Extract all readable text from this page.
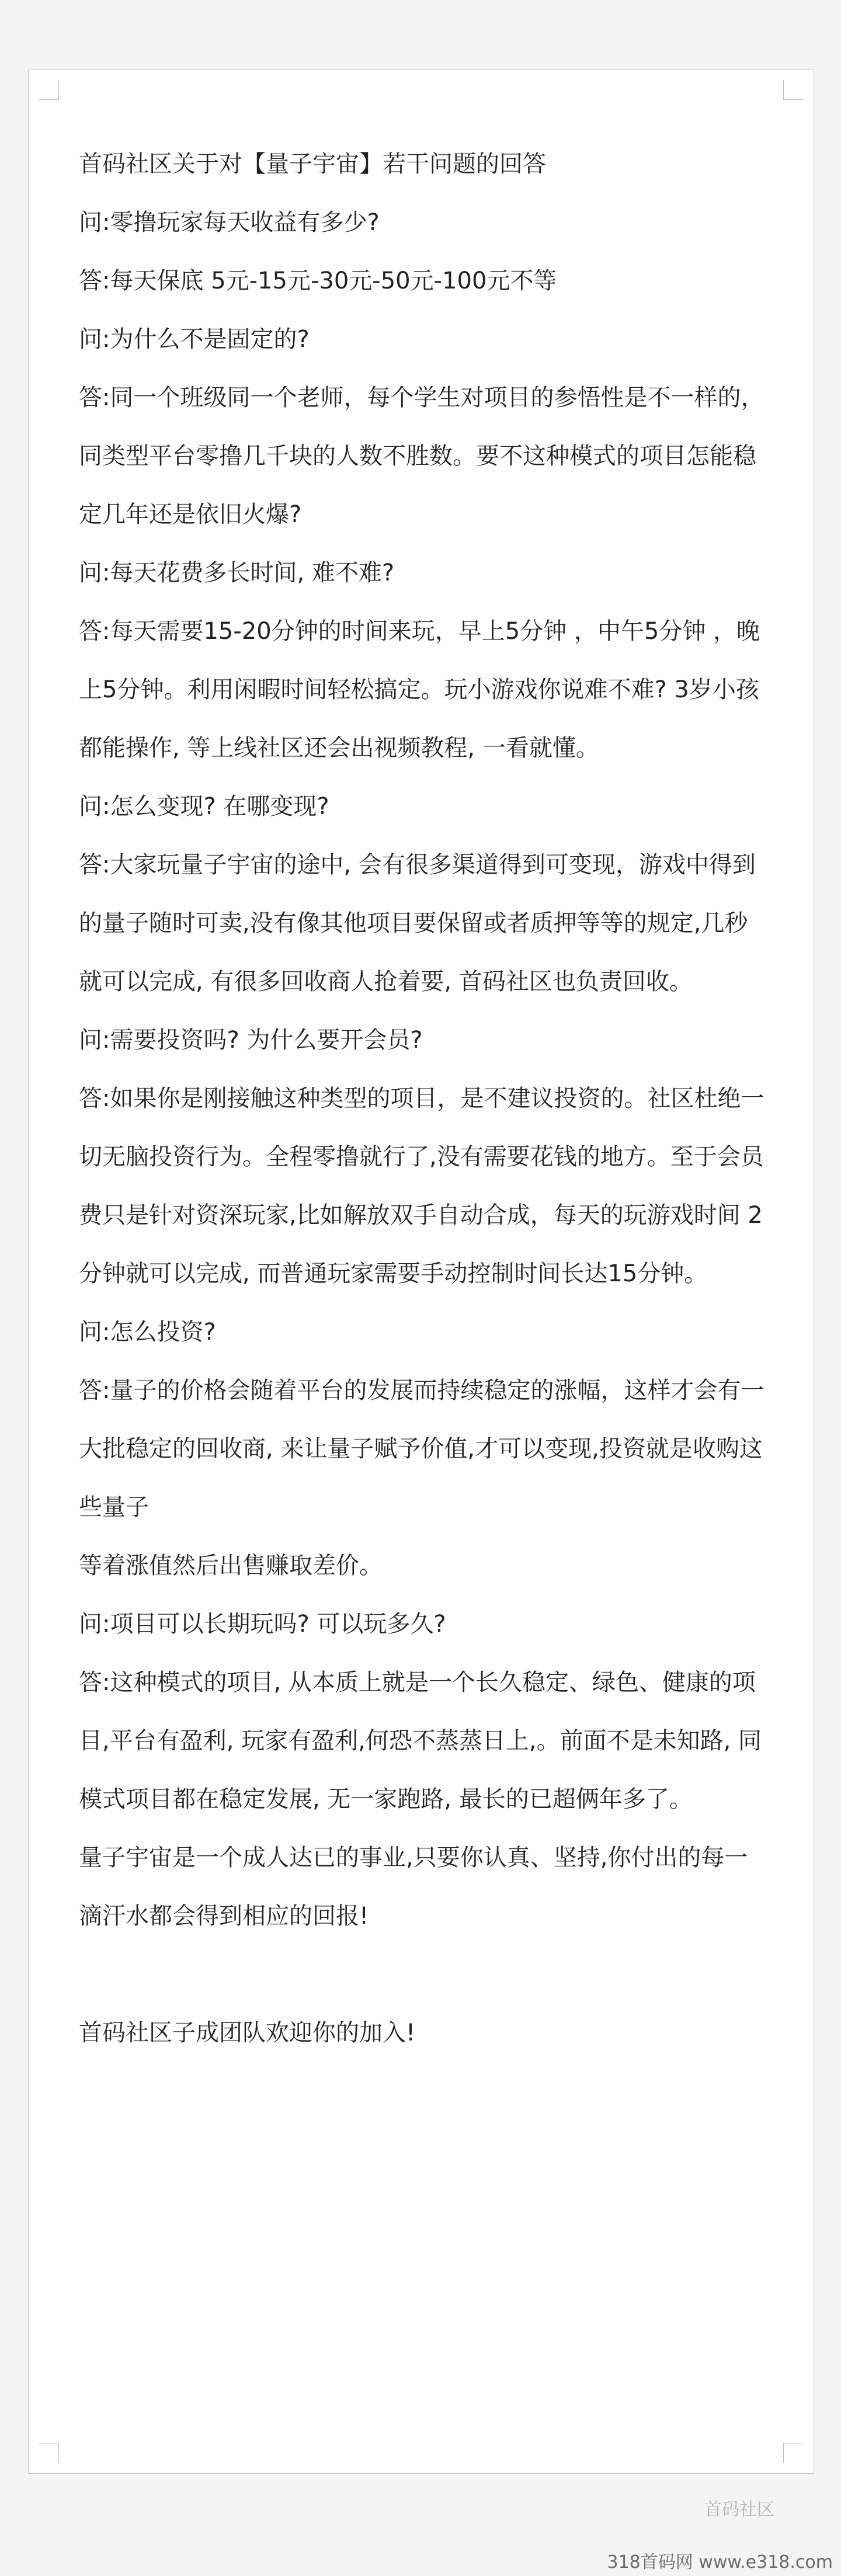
首码社区关于对【量子宇宙】若干问题的回答

问:零撸玩家每天收益有多少?

答:每天保底 5元-15元-30元-50元-100元不等

问:为什么不是固定的?

答:同一个班级同一个老师，每个学生对项目的参悟性是不一样的，同类型平台零撸几千块的人数不胜数。要不这种模式的项目怎能稳定几年还是依旧火爆?

问:每天花费多长时间, 难不难?

答:每天需要15-20分钟的时间来玩，早上5分钟 ，中午5分钟 ，晚上5分钟。利用闲暇时间轻松搞定。玩小游戏你说难不难? 3岁小孩都能操作, 等上线社区还会出视频教程, 一看就懂。

问:怎么变现? 在哪变现?

答:大家玩量子宇宙的途中, 会有很多渠道得到可变现，游戏中得到的量子随时可卖,没有像其他项目要保留或者质押等等的规定,几秒就可以完成, 有很多回收商人抢着要, 首码社区也负责回收。

问:需要投资吗? 为什么要开会员?

答:如果你是刚接触这种类型的项目，是不建议投资的。社区杜绝一切无脑投资行为。全程零撸就行了,没有需要花钱的地方。至于会员费只是针对资深玩家,比如解放双手自动合成，每天的玩游戏时间 2分钟就可以完成, 而普通玩家需要手动控制时间长达15分钟。

问:怎么投资?

答:量子的价格会随着平台的发展而持续稳定的涨幅，这样才会有一大批稳定的回收商, 来让量子赋予价值,才可以变现,投资就是收购这些量子

等着涨值然后出售赚取差价。

问:项目可以长期玩吗? 可以玩多久?

答:这种模式的项目, 从本质上就是一个长久稳定、绿色、健康的项目,平台有盈利, 玩家有盈利,何恐不蒸蒸日上,。前面不是未知路, 同模式项目都在稳定发展, 无一家跑路, 最长的已超俩年多了。

量子宇宙是一个成人达已的事业,只要你认真、坚持,你付出的每一滴汗水都会得到相应的回报!

首码社区子成团队欢迎你的加入!

首码社区
318首码网 www.e318.com
